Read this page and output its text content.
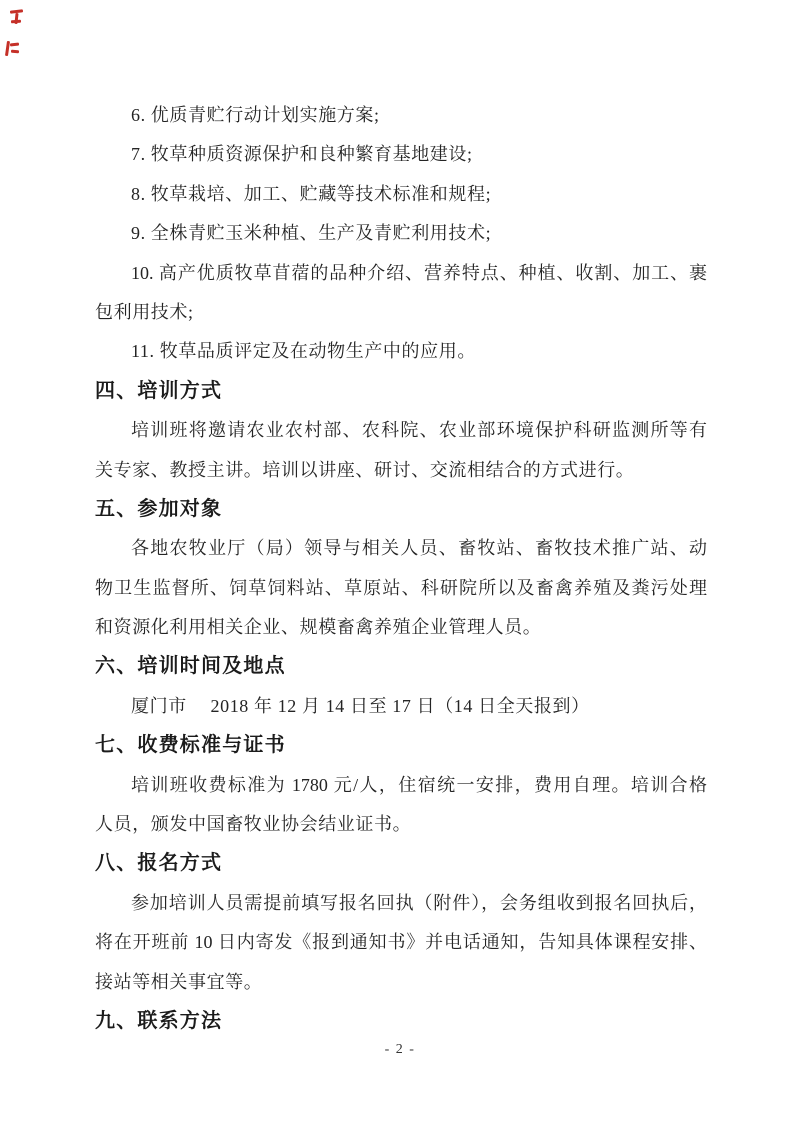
6. 优质青贮行动计划实施方案;
7. 牧草种质资源保护和良种繁育基地建设;
8. 牧草栽培、加工、贮藏等技术标准和规程;
9. 全株青贮玉米种植、生产及青贮利用技术;
10. 高产优质牧草苜蓿的品种介绍、营养特点、种植、收割、加工、裹
包利用技术;
11. 牧草品质评定及在动物生产中的应用。
四、培训方式
培训班将邀请农业农村部、农科院、农业部环境保护科研监测所等有
关专家、教授主讲。培训以讲座、研讨、交流相结合的方式进行。
五、参加对象
各地农牧业厅（局）领导与相关人员、畜牧站、畜牧技术推广站、动
物卫生监督所、饲草饲料站、草原站、科研院所以及畜禽养殖及粪污处理
和资源化利用相关企业、规模畜禽养殖企业管理人员。
六、培训时间及地点
厦门市　 2018 年 12 月 14 日至 17 日（14 日全天报到）
七、收费标准与证书
培训班收费标准为 1780 元/人，住宿统一安排，费用自理。培训合格
人员，颁发中国畜牧业协会结业证书。
八、报名方式
参加培训人员需提前填写报名回执（附件），会务组收到报名回执后，
将在开班前 10 日内寄发《报到通知书》并电话通知，告知具体课程安排、
接站等相关事宜等。
九、联系方法
- 2 -
